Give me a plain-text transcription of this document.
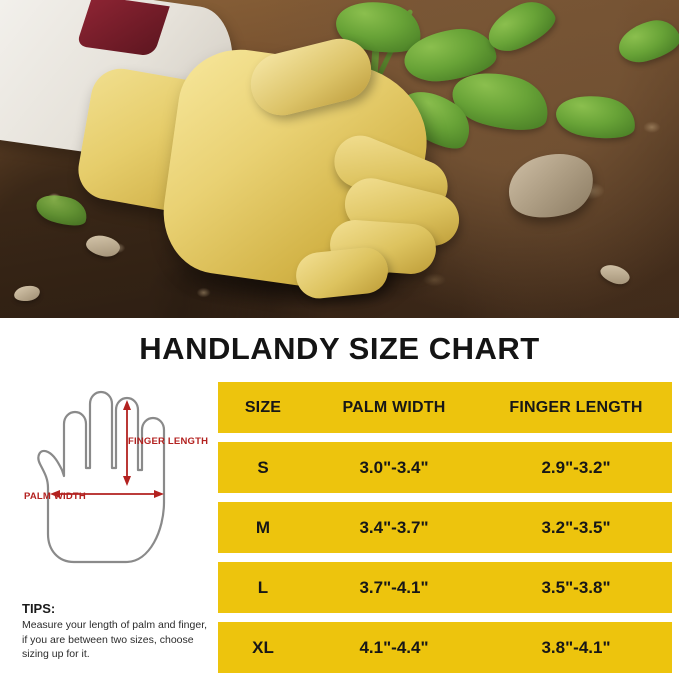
HANDLANDY SIZE CHART
FINGER LENGTH
PALM WIDTH
TIPS:
Measure your length of palm and finger, if you are between two sizes, choose sizing up for it.
SIZE	PALM WIDTH	FINGER LENGTH

S	3.0"-3.4"	2.9"-3.2"

M	3.4"-3.7"	3.2"-3.5"

L	3.7"-4.1"	3.5"-3.8"

XL	4.1"-4.4"	3.8"-4.1"
